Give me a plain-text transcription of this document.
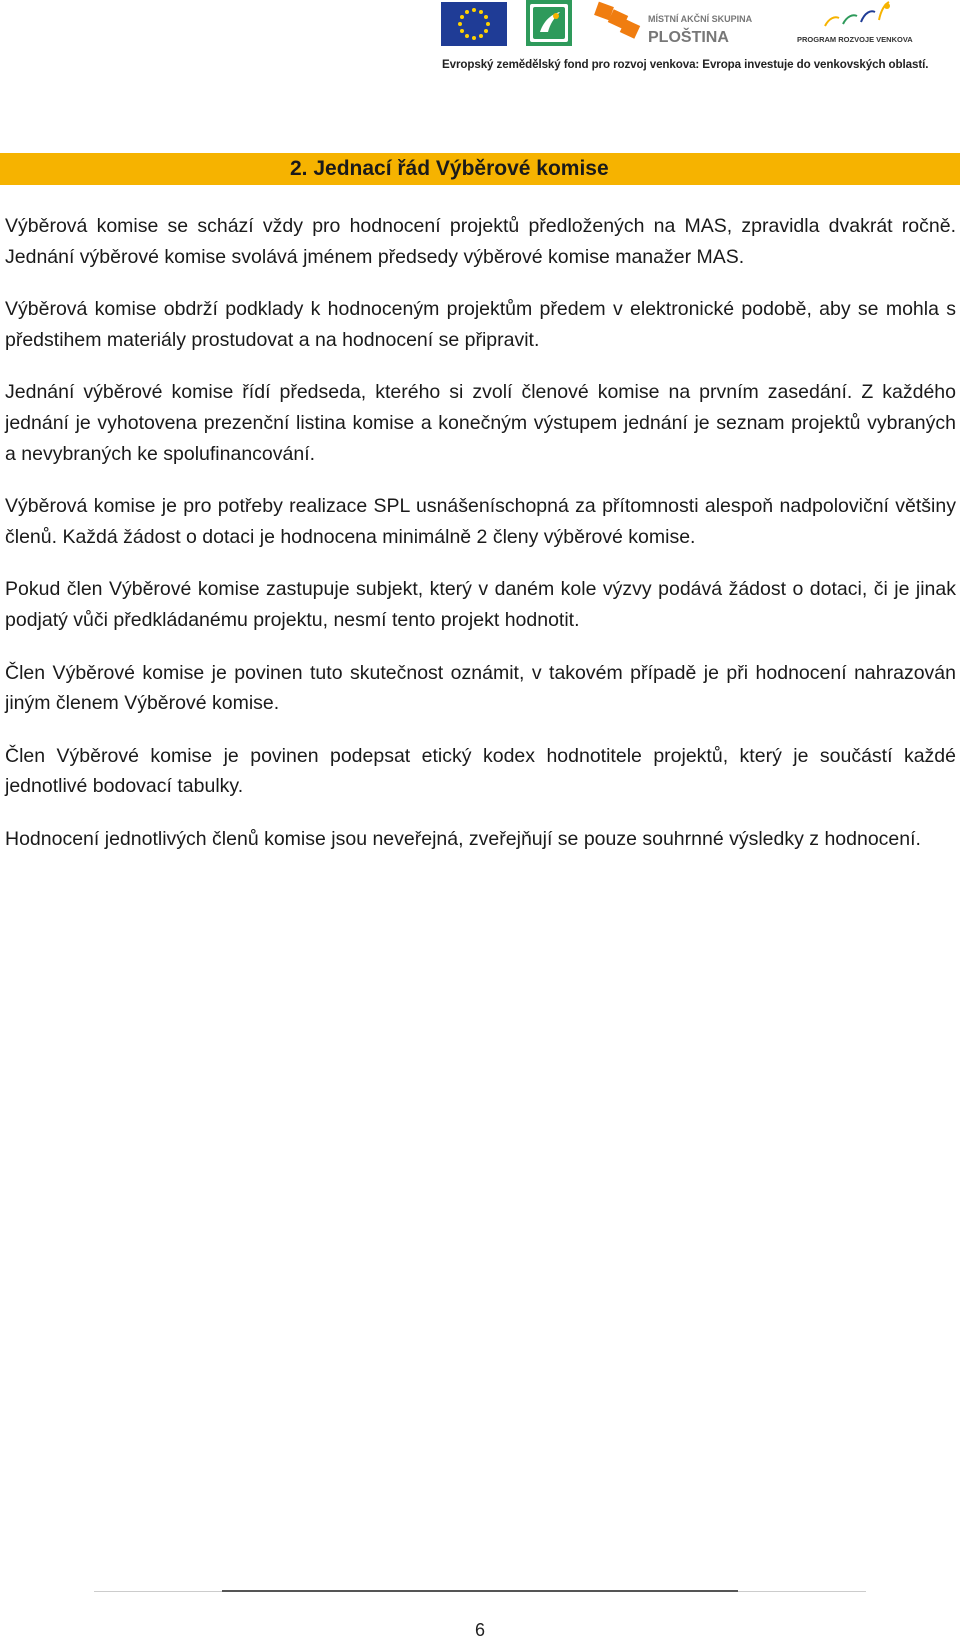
MÍSTNÍ AKČNÍ SKUPINA
PLOŠTINA	PROGRAM ROZVOJE VENKOVA
Evropský zemědělský fond pro rozvoj venkova: Evropa investuje do venkovských oblastí.
2. Jednací řád Výběrové komise

Výběrová komise se schází vždy pro hodnocení projektů předložených na MAS, zpravidla dvakrát ročně. Jednání výběrové komise svolává jménem předsedy výběrové komise manažer MAS.

Výběrová komise obdrží podklady k hodnoceným projektům předem v elektronické podobě, aby se mohla s předstihem materiály prostudovat a na hodnocení se připravit.

Jednání výběrové komise řídí předseda, kterého si zvolí členové komise na prvním zasedání. Z každého jednání je vyhotovena prezenční listina komise a konečným výstupem jednání je seznam projektů vybraných a nevybraných ke spolufinancování.

Výběrová komise je pro potřeby realizace SPL usnášeníschopná za přítomnosti alespoň nadpoloviční většiny členů. Každá žádost o dotaci je hodnocena minimálně 2 členy výběrové komise.

Pokud člen Výběrové komise zastupuje subjekt, který v daném kole výzvy podává žádost o dotaci, či je jinak podjatý vůči předkládanému projektu, nesmí tento projekt hodnotit.

Člen Výběrové komise je povinen tuto skutečnost oznámit, v takovém případě je při hodnocení nahrazován jiným členem Výběrové komise.

Člen Výběrové komise je povinen podepsat etický kodex hodnotitele projektů, který je součástí každé jednotlivé bodovací tabulky.

Hodnocení jednotlivých členů komise jsou neveřejná, zveřejňují se pouze souhrnné výsledky z hodnocení.

6
